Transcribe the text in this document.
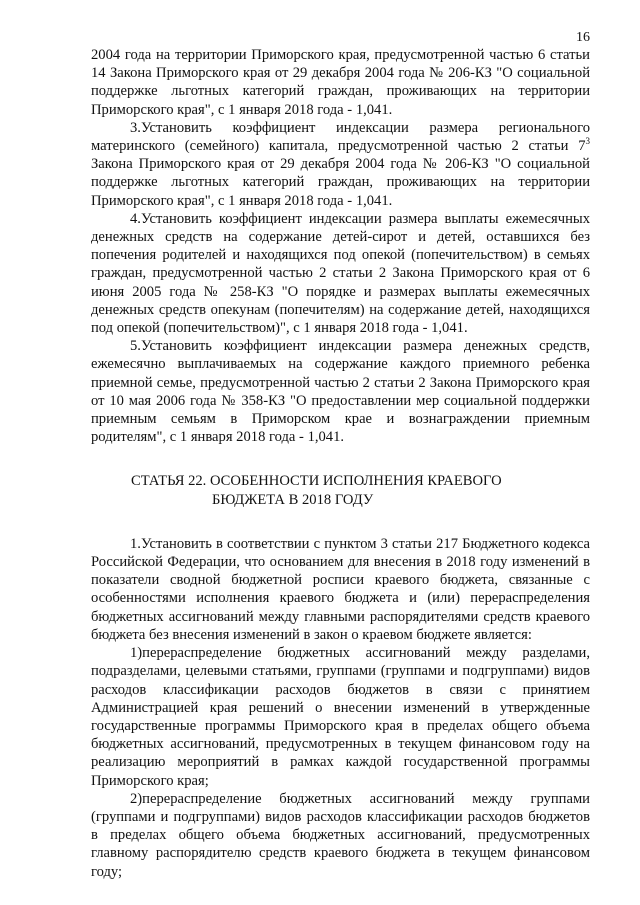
16

2004 года на территории Приморского края, предусмотренной частью 6 статьи 14 Закона Приморского края от 29 декабря 2004 года № 206-КЗ "О социальной поддержке льготных категорий граждан, проживающих на территории Приморского края", с 1 января 2018 года - 1,041.

3.Установить коэффициент индексации размера регионального материнского (семейного) капитала, предусмотренной частью 2 статьи $7^3$ Закона Приморского края от 29 декабря 2004 года № 206-КЗ "О социальной поддержке льготных категорий граждан, проживающих на территории Приморского края", с 1 января 2018 года - 1,041.

4.Установить коэффициент индексации размера выплаты ежемесячных денежных средств на содержание детей-сирот и детей, оставшихся без попечения родителей и находящихся под опекой (попечительством) в семьях граждан, предусмотренной частью 2 статьи 2 Закона Приморского края от 6 июня 2005 года № 258-КЗ "О порядке и размерах выплаты ежемесячных денежных средств опекунам (попечителям) на содержание детей, находящихся под опекой (попечительством)", с 1 января 2018 года - 1,041.

5.Установить коэффициент индексации размера денежных средств, ежемесячно выплачиваемых на содержание каждого приемного ребенка приемной семье, предусмотренной частью 2 статьи 2 Закона Приморского края от 10 мая 2006 года № 358-КЗ "О предоставлении мер социальной поддержки приемным семьям в Приморском крае и вознаграждении приемным родителям", с 1 января 2018 года - 1,041.

СТАТЬЯ 22. ОСОБЕННОСТИ ИСПОЛНЕНИЯ КРАЕВОГО
БЮДЖЕТА В 2018 ГОДУ

1.Установить в соответствии с пунктом 3 статьи 217 Бюджетного кодекса Российской Федерации, что основанием для внесения в 2018 году изменений в показатели сводной бюджетной росписи краевого бюджета, связанные с особенностями исполнения краевого бюджета и (или) перераспределения бюджетных ассигнований между главными распорядителями средств краевого бюджета без внесения изменений в закон о краевом бюджете является:

1)перераспределение бюджетных ассигнований между разделами, подразделами, целевыми статьями, группами (группами и подгруппами) видов расходов классификации расходов бюджетов в связи с принятием Администрацией края решений о внесении изменений в утвержденные государственные программы Приморского края в пределах общего объема бюджетных ассигнований, предусмотренных в текущем финансовом году на реализацию мероприятий в рамках каждой государственной программы Приморского края;

2)перераспределение бюджетных ассигнований между группами (группами и подгруппами) видов расходов классификации расходов бюджетов в пределах общего объема бюджетных ассигнований, предусмотренных главному распорядителю средств краевого бюджета в текущем финансовом году;
